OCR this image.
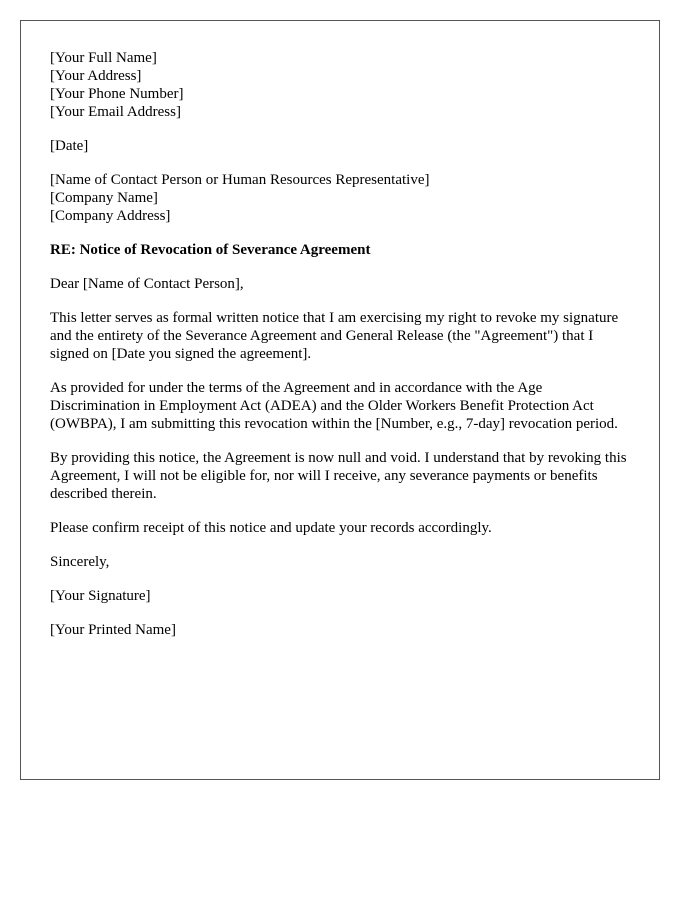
[Your Full Name]
[Your Address]
[Your Phone Number]
[Your Email Address]

[Date]

[Name of Contact Person or Human Resources Representative]
[Company Name]
[Company Address]

RE: Notice of Revocation of Severance Agreement

Dear [Name of Contact Person],

This letter serves as formal written notice that I am exercising my right to revoke my signature and the entirety of the Severance Agreement and General Release (the "Agreement") that I signed on [Date you signed the agreement].

As provided for under the terms of the Agreement and in accordance with the Age Discrimination in Employment Act (ADEA) and the Older Workers Benefit Protection Act (OWBPA), I am submitting this revocation within the [Number, e.g., 7-day] revocation period.

By providing this notice, the Agreement is now null and void. I understand that by revoking this Agreement, I will not be eligible for, nor will I receive, any severance payments or benefits described therein.

Please confirm receipt of this notice and update your records accordingly.

Sincerely,

[Your Signature]

[Your Printed Name]
